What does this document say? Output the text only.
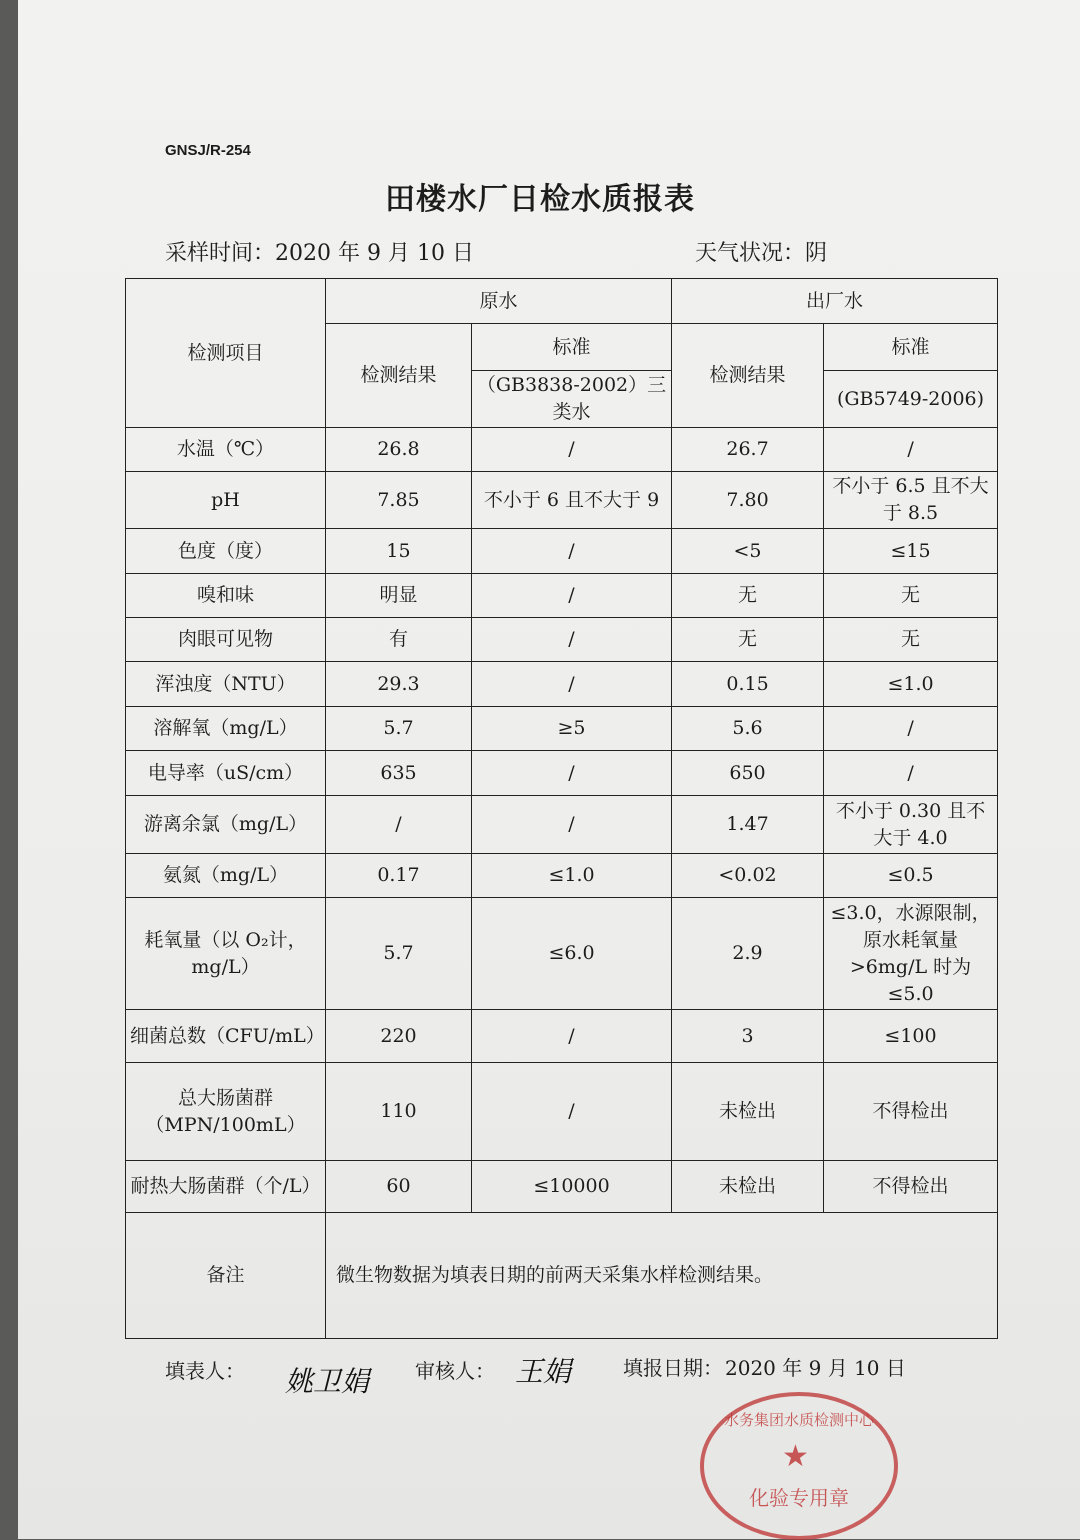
GNSJ/R-254
田楼水厂日检水质报表
采样时间：2020 年 9 月 10 日	天气状况：阴
检测项目	原水		出厂水	
	检测结果	标准	检测结果	标准
		（GB3838-2002）三类水		(GB5749-2006)
水温（℃）	26.8	/	26.7	/
pH	7.85	不小于 6 且不大于 9	7.80	不小于 6.5 且不大于 8.5
色度（度）	15	/	<5	≤15
嗅和味	明显	/	无	无
肉眼可见物	有	/	无	无
浑浊度（NTU）	29.3	/	0.15	≤1.0
溶解氧（mg/L）	5.7	≥5	5.6	/
电导率（uS/cm）	635	/	650	/
游离余氯（mg/L）	/	/	1.47	不小于 0.30 且不大于 4.0
氨氮（mg/L）	0.17	≤1.0	<0.02	≤0.5
耗氧量（以 O₂计，mg/L）	5.7	≤6.0	2.9	≤3.0，水源限制，原水耗氧量>6mg/L 时为≤5.0
细菌总数（CFU/mL）	220	/	3	≤100
总大肠菌群（MPN/100mL）	110	/	未检出	不得检出
耐热大肠菌群（个/L）	60	≤10000	未检出	不得检出
备注	微生物数据为填表日期的前两天采集水样检测结果。			
填表人： 姚卫娟 审核人： 王娟	填报日期： 2020 年 9 月 10 日
水务集团水质检测中心
★
化验专用章
